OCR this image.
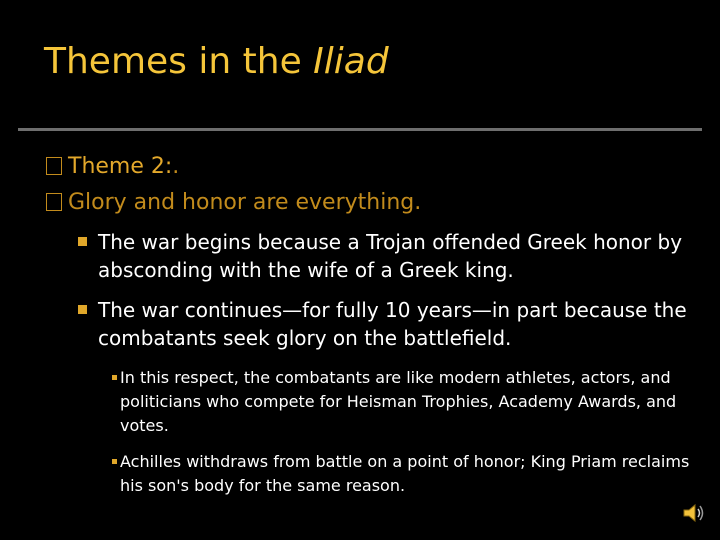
Themes in the Iliad
Theme 2:.
Glory and honor are everything.
The war begins because a Trojan offended Greek honor by absconding with the wife of a Greek king.
The war continues—for fully 10 years—in part because the combatants seek glory on the battlefield.
In this respect, the combatants are like modern athletes, actors, and politicians who compete for Heisman Trophies, Academy Awards, and votes.
Achilles withdraws from battle on a point of honor; King Priam reclaims his son's body for the same reason.
